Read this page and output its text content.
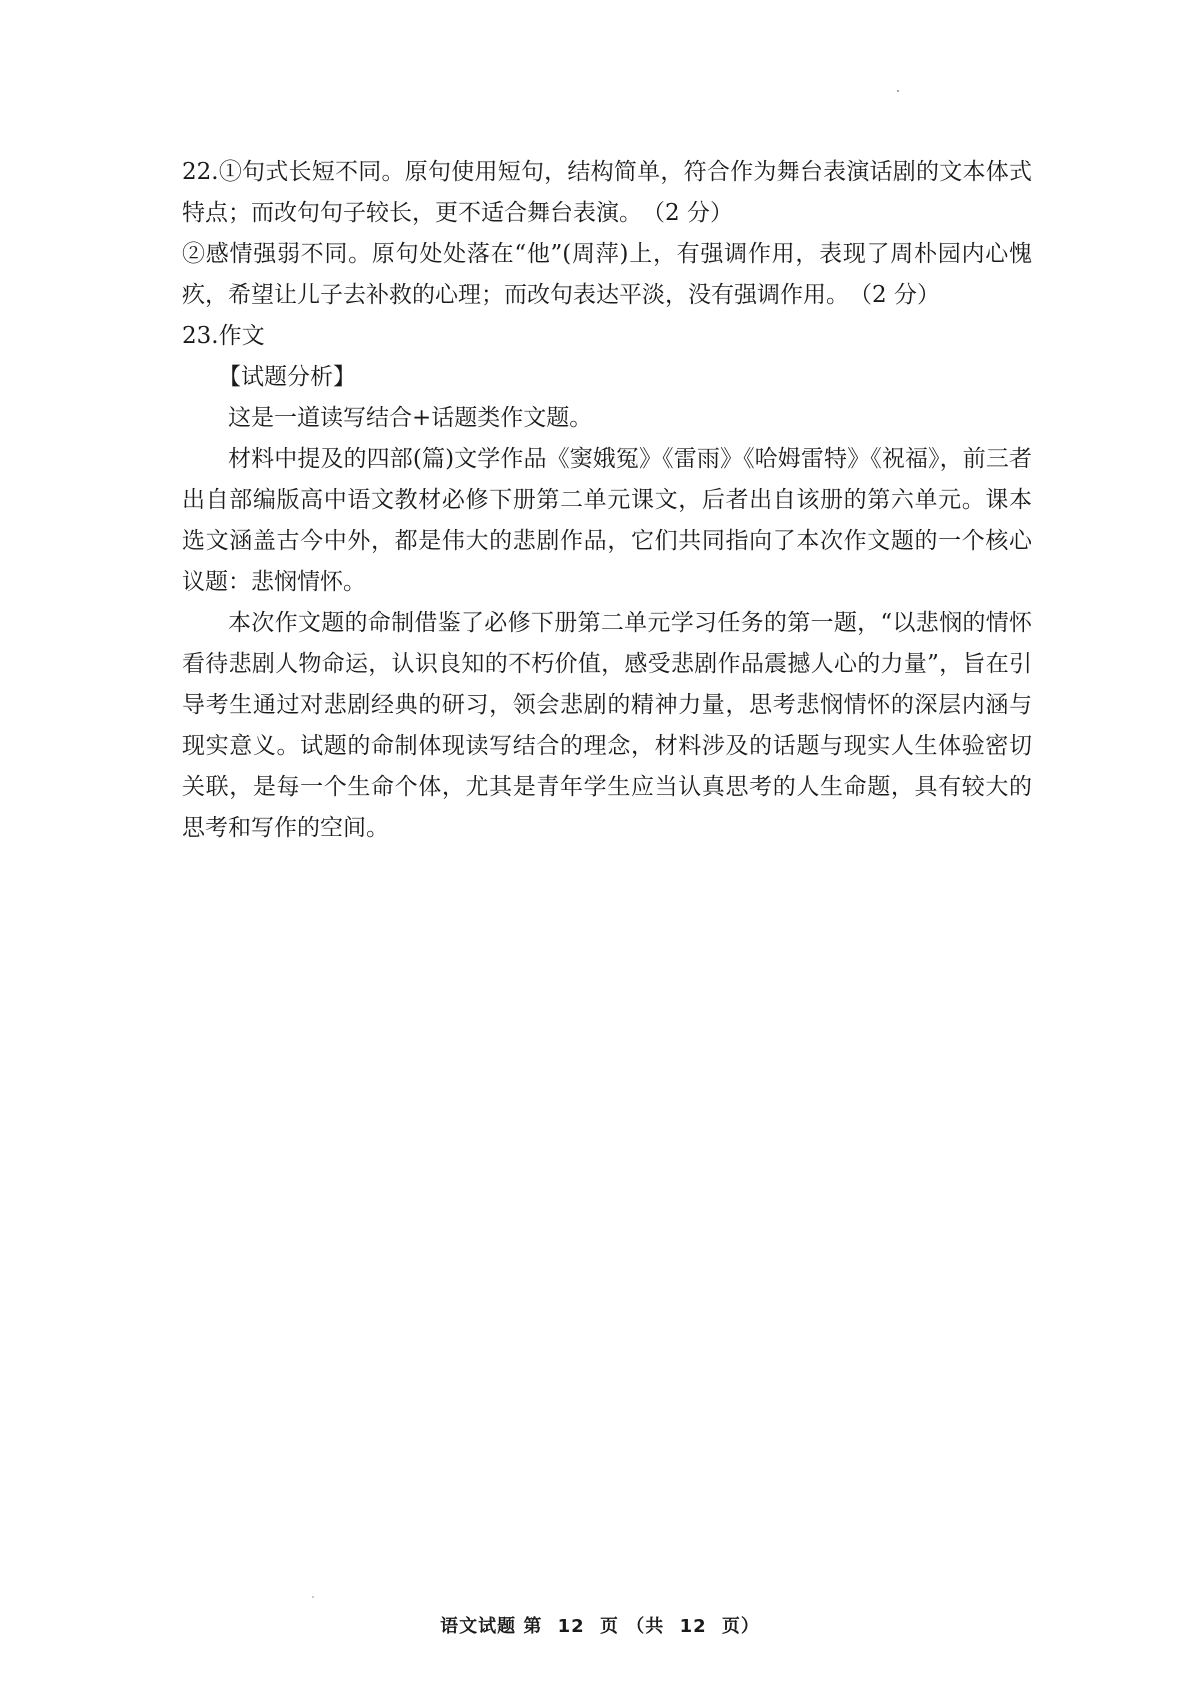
22.①句式长短不同。原句使用短句，结构简单，符合作为舞台表演话剧的文本体式特点；而改句句子较长，更不适合舞台表演。　（2 分）

②感情强弱不同。原句处处落在“他”(周萍)上，有强调作用，表现了周朴园内心愧疚，希望让儿子去补救的心理；而改句表达平淡，没有强调作用。　（2 分）

23.作文

【试题分析】

这是一道读写结合+话题类作文题。

材料中提及的四部(篇)文学作品《窦娥冤》《雷雨》《哈姆雷特》《祝福》，前三者出自部编版高中语文教材必修下册第二单元课文，后者出自该册的第六单元。课本选文涵盖古今中外，都是伟大的悲剧作品，它们共同指向了本次作文题的一个核心议题：悲悯情怀。

本次作文题的命制借鉴了必修下册第二单元学习任务的第一题，“以悲悯的情怀看待悲剧人物命运，认识良知的不朽价值，感受悲剧作品震撼人心的力量”，旨在引导考生通过对悲剧经典的研习，领会悲剧的精神力量，思考悲悯情怀的深层内涵与现实意义。试题的命制体现读写结合的理念，材料涉及的话题与现实人生体验密切关联，是每一个生命个体，尤其是青年学生应当认真思考的人生命题，具有较大的思考和写作的空间。

语文试题 第 12 页 （共 12 页）
